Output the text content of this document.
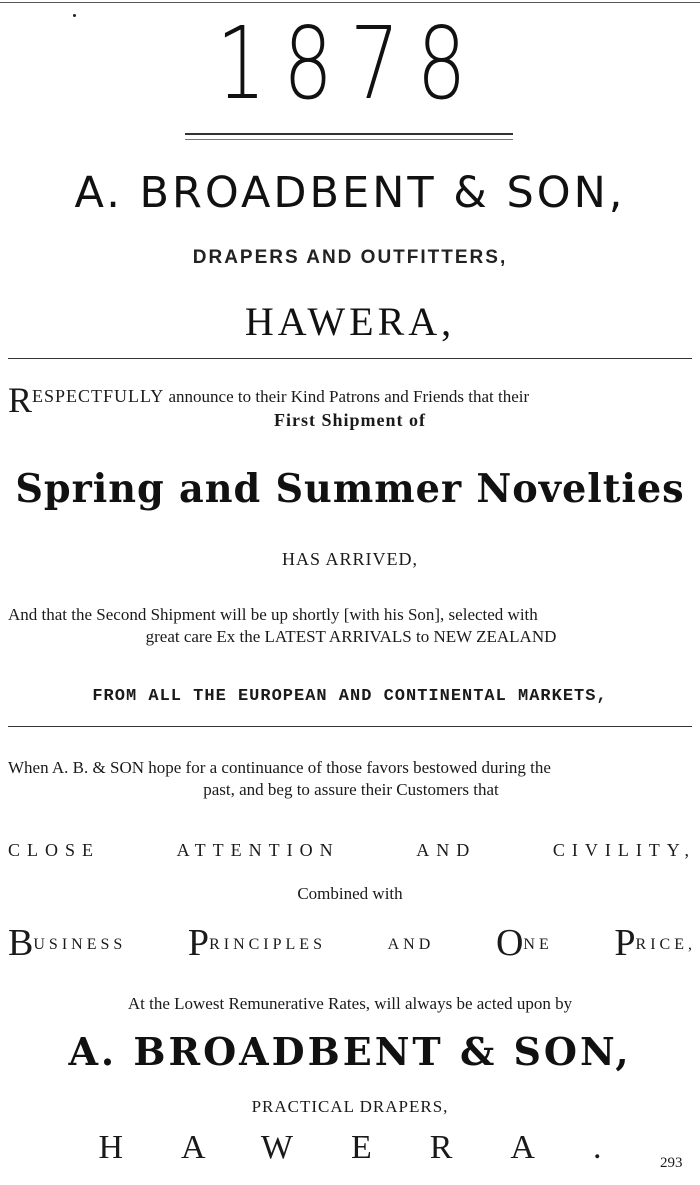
1878
A. BROADBENT & SON,
DRAPERS AND OUTFITTERS,
HAWERA,
RESPECTFULLY announce to their Kind Patrons and Friends that their
First Shipment of
Spring and Summer Novelties
HAS ARRIVED,
And that the Second Shipment will be up shortly [with his Son], selected with
great care Ex the LATEST ARRIVALS to NEW ZEALAND
FROM ALL THE EUROPEAN AND CONTINENTAL MARKETS,
When A. B. & SON hope for a continuance of those favors bestowed during the
past, and beg to assure their Customers that
CLOSE	ATTENTION	AND	CIVILITY,
Combined with
BUSINESS PRINCIPLES	AND ONE PRICE,
At the Lowest Remunerative Rates, will always be acted upon by
A. BROADBENT & SON,
PRACTICAL DRAPERS,
HAWERA. 293
